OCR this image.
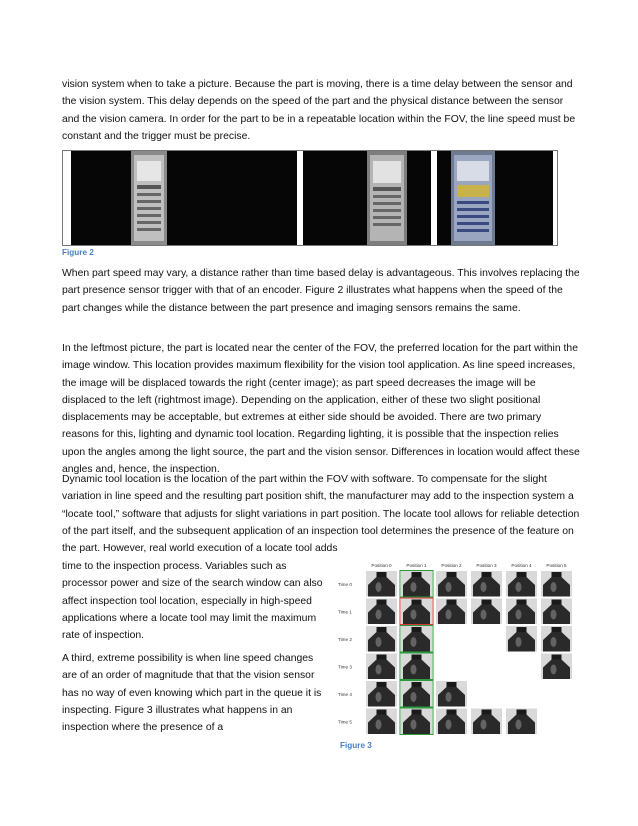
vision system when to take a picture. Because the part is moving, there is a time delay between the sensor and the vision system. This delay depends on the speed of the part and the physical distance between the sensor and the vision camera. In order for the part to be in a repeatable location within the FOV, the line speed must be constant and the trigger must be precise.

Figure 2

When part speed may vary, a distance rather than time based delay is advantageous. This involves replacing the part presence sensor trigger with that of an encoder. Figure 2 illustrates what happens when the speed of the part changes while the distance between the part presence and imaging sensors remains the same.

In the leftmost picture, the part is located near the center of the FOV, the preferred location for the part within the image window. This location provides maximum flexibility for the vision tool application. As line speed increases, the image will be displaced towards the right (center image); as part speed decreases the image will be displaced to the left (rightmost image). Depending on the application, either of these two slight positional displacements may be acceptable, but extremes at either side should be avoided. There are two primary reasons for this, lighting and dynamic tool location. Regarding lighting, it is possible that the inspection relies upon the angles among the light source, the part and the vision sensor. Differences in location would affect these angles and, hence, the inspection.

Dynamic tool location is the location of the part within the FOV with software. To compensate for the slight variation in line speed and the resulting part position shift, the manufacturer may add to the inspection system a “locate tool,” software that adjusts for slight variations in part position. The locate tool allows for reliable detection of the part itself, and the subsequent application of an inspection tool determines the presence of the feature on the part. However, real world execution of a locate tool adds

time to the inspection process. Variables such as processor power and size of the search window can also affect inspection tool location, especially in high-speed applications where a locate tool may limit the maximum rate of inspection.

A third, extreme possibility is when line speed changes are of an order of magnitude that that the vision sensor has no way of even knowing which part in the queue it is inspecting. Figure 3 illustrates what happens in an inspection where the presence of a

Position 0	Position 1	Position 2	Position 3	Position 4	Position 5
Time 0
Time 1
Time 2
Time 3
Time 4
Time 5

Figure 3
